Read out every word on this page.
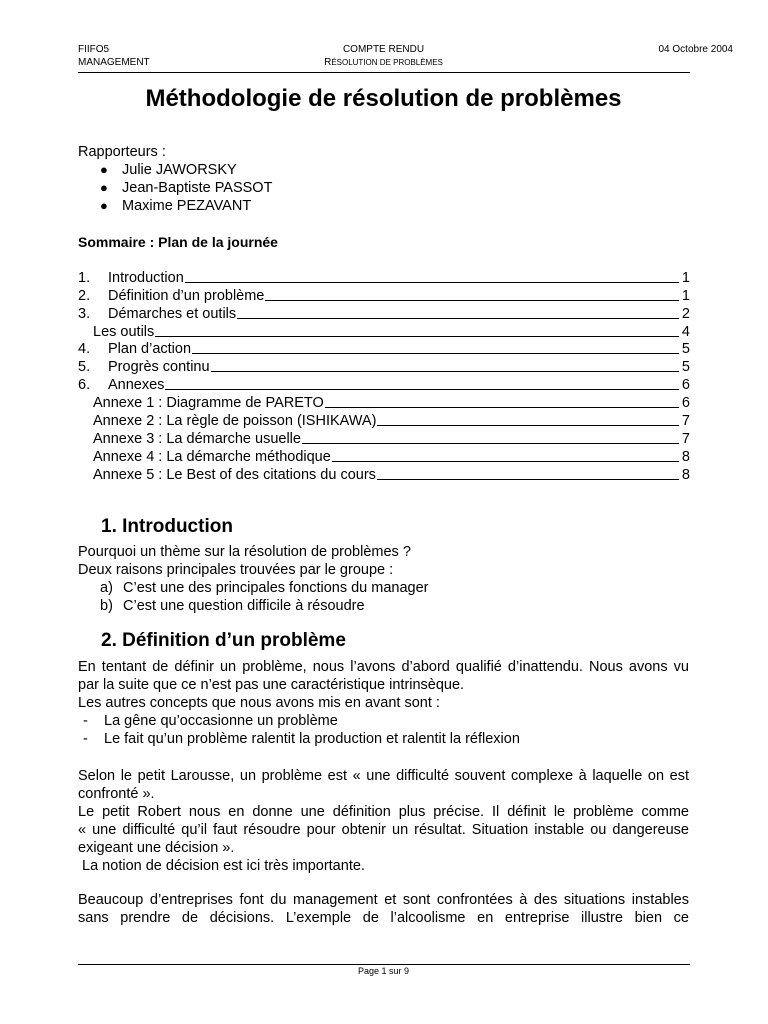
FIIFO5	COMPTE RENDU	04 Octobre 2004
MANAGEMENT	RÉSOLUTION DE PROBLÈMES
Méthodologie de résolution de problèmes
Rapporteurs :
● Julie JAWORSKY
● Jean-Baptiste PASSOT
● Maxime PEZAVANT
Sommaire : Plan de la journée
1.	Introduction	1
2.	Définition d’un problème	1
3.	Démarches et outils	2
Les outils	4
4.	Plan d’action	5
5.	Progrès continu	5
6.	Annexes	6
Annexe 1 : Diagramme de PARETO	6
Annexe 2 : La règle de poisson (ISHIKAWA)	7
Annexe 3 : La démarche usuelle	7
Annexe 4 : La démarche méthodique	8
Annexe 5 : Le Best of des citations du cours	8
1. Introduction
Pourquoi un thème sur la résolution de problèmes ?
Deux raisons principales trouvées par le groupe :
a) C’est une des principales fonctions du manager
b) C’est une question difficile à résoudre
2. Définition d’un problème
En tentant de définir un problème, nous l’avons d’abord qualifié d’inattendu. Nous avons vu
par la suite que ce n’est pas une caractéristique intrinsèque.
Les autres concepts que nous avons mis en avant sont :
-	La gêne qu’occasionne un problème
-	Le fait qu’un problème ralentit la production et ralentit la réflexion
Selon le petit Larousse, un problème est « une difficulté souvent complexe à laquelle on est
confronté ».
Le petit Robert nous en donne une définition plus précise. Il définit le problème comme
« une difficulté qu’il faut résoudre pour obtenir un résultat. Situation instable ou dangereuse
exigeant une décision ».
La notion de décision est ici très importante.
Beaucoup d’entreprises font du management et sont confrontées à des situations instables
sans prendre de décisions. L’exemple de l’alcoolisme en entreprise illustre bien ce
Page 1 sur 9
